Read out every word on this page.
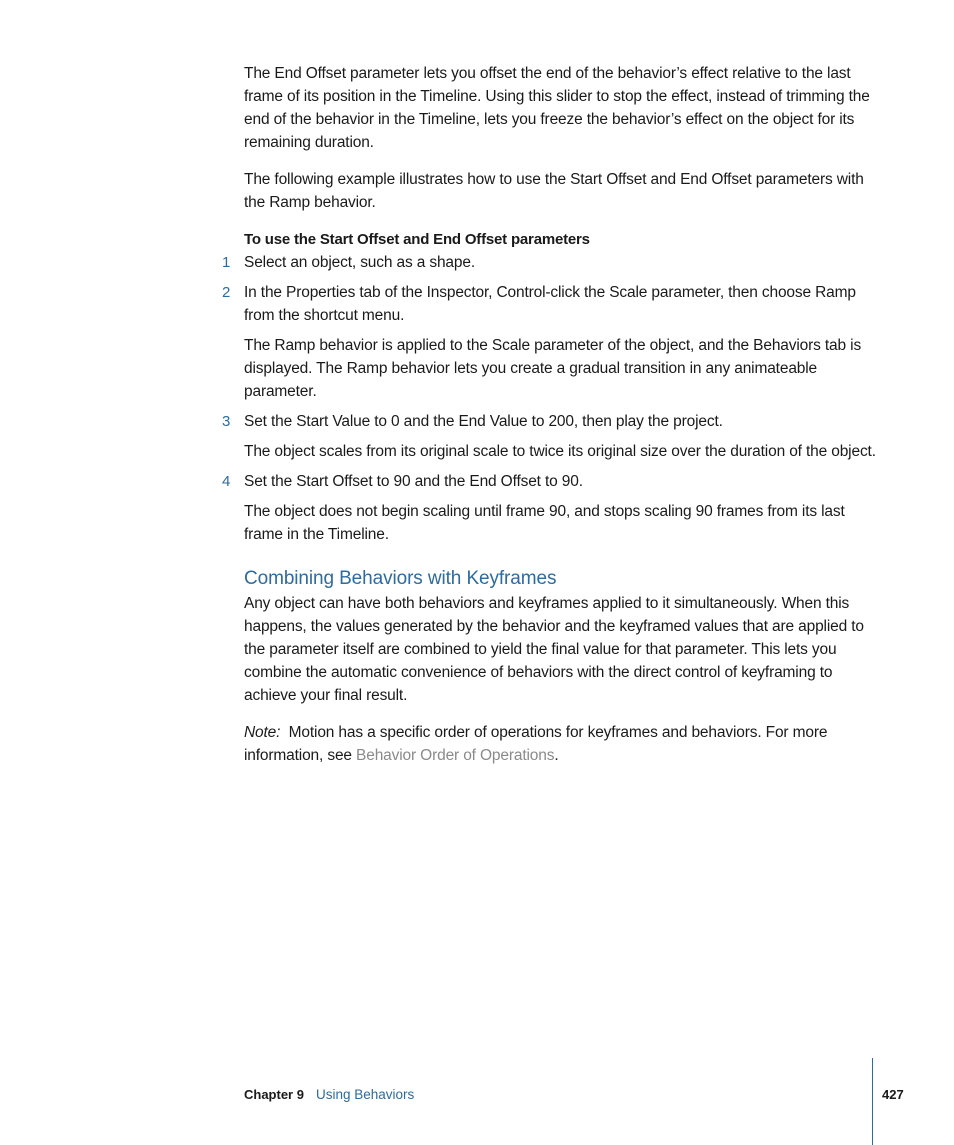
The End Offset parameter lets you offset the end of the behavior’s effect relative to the last frame of its position in the Timeline. Using this slider to stop the effect, instead of trimming the end of the behavior in the Timeline, lets you freeze the behavior’s effect on the object for its remaining duration.

The following example illustrates how to use the Start Offset and End Offset parameters with the Ramp behavior.

To use the Start Offset and End Offset parameters

1 Select an object, such as a shape.

2 In the Properties tab of the Inspector, Control-click the Scale parameter, then choose Ramp from the shortcut menu.

The Ramp behavior is applied to the Scale parameter of the object, and the Behaviors tab is displayed. The Ramp behavior lets you create a gradual transition in any animateable parameter.

3 Set the Start Value to 0 and the End Value to 200, then play the project.

The object scales from its original scale to twice its original size over the duration of the object.

4 Set the Start Offset to 90 and the End Offset to 90.

The object does not begin scaling until frame 90, and stops scaling 90 frames from its last frame in the Timeline.

Combining Behaviors with Keyframes

Any object can have both behaviors and keyframes applied to it simultaneously. When this happens, the values generated by the behavior and the keyframed values that are applied to the parameter itself are combined to yield the final value for that parameter. This lets you combine the automatic convenience of behaviors with the direct control of keyframing to achieve your final result.

Note: Motion has a specific order of operations for keyframes and behaviors. For more information, see Behavior Order of Operations.

Chapter 9 Using Behaviors	427
